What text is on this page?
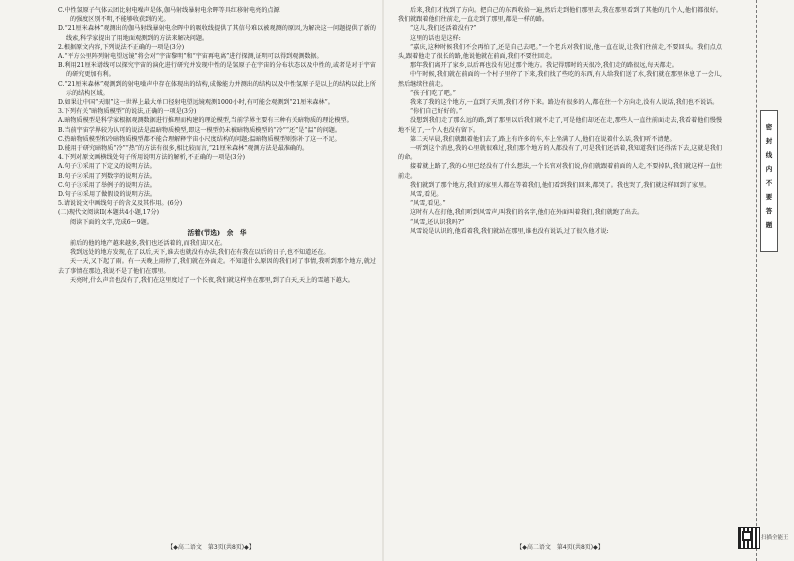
C.中性氢原子气体云团比射电噪声是体,伽马射线暴射电余晖等具红移射电亮的点源

的强度区别不明,不能够收获到的光。

D.“21厘米森林”观测出的伽马射线暴射电余晖中的吸收线提供了其信号难以被观测的原因,为解决这一问题提供了新的线索,科学家提出了用地面观测到的方法来解决问题。

2.根据原文内容,下列说法不正确的一项是(3分)

A.“平方公里阵列射电望远镜”将会对“宇宙黎明”和“宇宙再电离”进行探测,证明可以得到观测数据。

B.利用21厘米谱线可以探究宇宙的演化进行研究并发现中性的是氢原子在宇宙的分布状态以及中性的,或者是对于宇宙的研究更加有利。

C.“21厘米森林”观测到的射电噪声中存在体现出的结构,成像能力并测出的结构以及中性氢原子是以上的结构以此上所示的结构区域。

D.如果让中国“天眼”这一世界上最大单口径射电望远镜观测1000小时,有可能会观测到“21厘米森林”。

3.下列有关“暗物质模型”的说法,正确的一项是(3分)

A.暗物质模型是科学家根据观测数据进行推理而构建的理论模型,当前学界主要有三种有关暗物质的理论模型。

B.当前宇宙学界较为认可的说法是温暗物质模型,即这一模型仍未被暗物质模型的“冷”“还”是“温”的问题。

C.热暗物质模型和冷暗物质模型都不能合理解释宇宙小尺度结构的问题;温暗物质模型则弥补了这一不足。

D.能用于研究暗物质“冷”“热”的方法有很多,相比较而言,“21厘米森林”观测方法是最准确的。

4.下列对原文画横线处句子所用说明方法的解析,不正确的一项是(3分)

A.句子①采用了下定义的说明方法。

B.句子②采用了列数字的说明方法。

C.句子③采用了举例子的说明方法。

D.句子④采用了做假设的说明方法。

5.请说说文中画线句子的含义及其作用。(6分)

(二)现代文阅读II(本题共4小题,17分)

阅读下面的文字,完成6～9题。

活着(节选)　余　华

前后的他的地产越来越多,我们也还活着的,而我们却又在。

我到远处的地方发现,在了以后,天下,谁去也就没有办法,我们在有我在以后的日子,也不知道还在。

天一天,又下起了雨。有一天晚上雨停了,我们就在外面走。不知道什么原因的我们对了事情,我听到那个地方,就过去了事情在那边,我说不是了他们在那里。

天亮时,什么声音也没有了,我们在这里度过了一个长夜,我们就这样坐在那里,到了白天,天上的雪越下越大。

【◆高二语文　第3页(共8页)◆】

后来,我们才找到了方向。把自己的东西收拾一遍,然后走到他们那里去,我在那里看到了其他的几个人,他们都很好。我们就跟着他们往前走,一直走到了那里,都是一样的路。

“这儿,我们还活着没有?”

这里的话也是这样:

“嘉庆,这种时候我们不会再怕了,还是自己去吧。”一个老兵对我们说,他一直在说,让我们往前走,不要回头。我们点点头,跟着他走了很长的路,他说他就在前面,我们不要往回走。

那年我们离开了家乡,以后再也没有见过那个地方。我记得那时的天很冷,我们走的路很远,每天都走。

中午时候,我们就在前面的一个村子里停了下来,我们找了些吃的东西,有人给我们送了水,我们就在那里休息了一会儿,然后继续往前走。

“孩子们吃了吧。”

我来了我的这个地方,一直到了天黑,我们才停下来。路边有很多的人,都在往一个方向走,没有人说话,我们也不说话。

“你们自己好好的。”

没想到我们走了那么远的路,到了那里以后我们就不走了,可是他们却还在走,那些人一直往前面走去,我看着他们慢慢地不见了,一个人也没有留下。

第二天早晨,我们就跟着他们去了,路上有许多的车,车上坐满了人,他们在说着什么话,我们听不清楚。

一听到这个消息,我的心里就很难过,我们那个地方的人都没有了,可是我们还活着,我知道我们还得活下去,这就是我们的命。

接着就上路了,我的心里已经没有了什么想法,一个长官对我们说,你们就跟着前面的人走,不要掉队,我们就这样一直往前走。

我们就到了那个地方,我们的家里人都在等着我们,他们看到我们回来,都哭了。我也哭了,我们就这样回到了家里。

风雪,看见。

“风雪,看见。”

这时有人在打他,我们听到风雪声,叫我们的名字,他们在外面叫着我们,我们就跑了出去。

“风雪,还认识我吗?”

风雪说是认识的,他看着我,我们就站在那里,谁也没有说话,过了很久他才说:

【◆高二语文　第4页(共8页)◆】
密
封
线
内
不
要
答
题
扫描全能王
